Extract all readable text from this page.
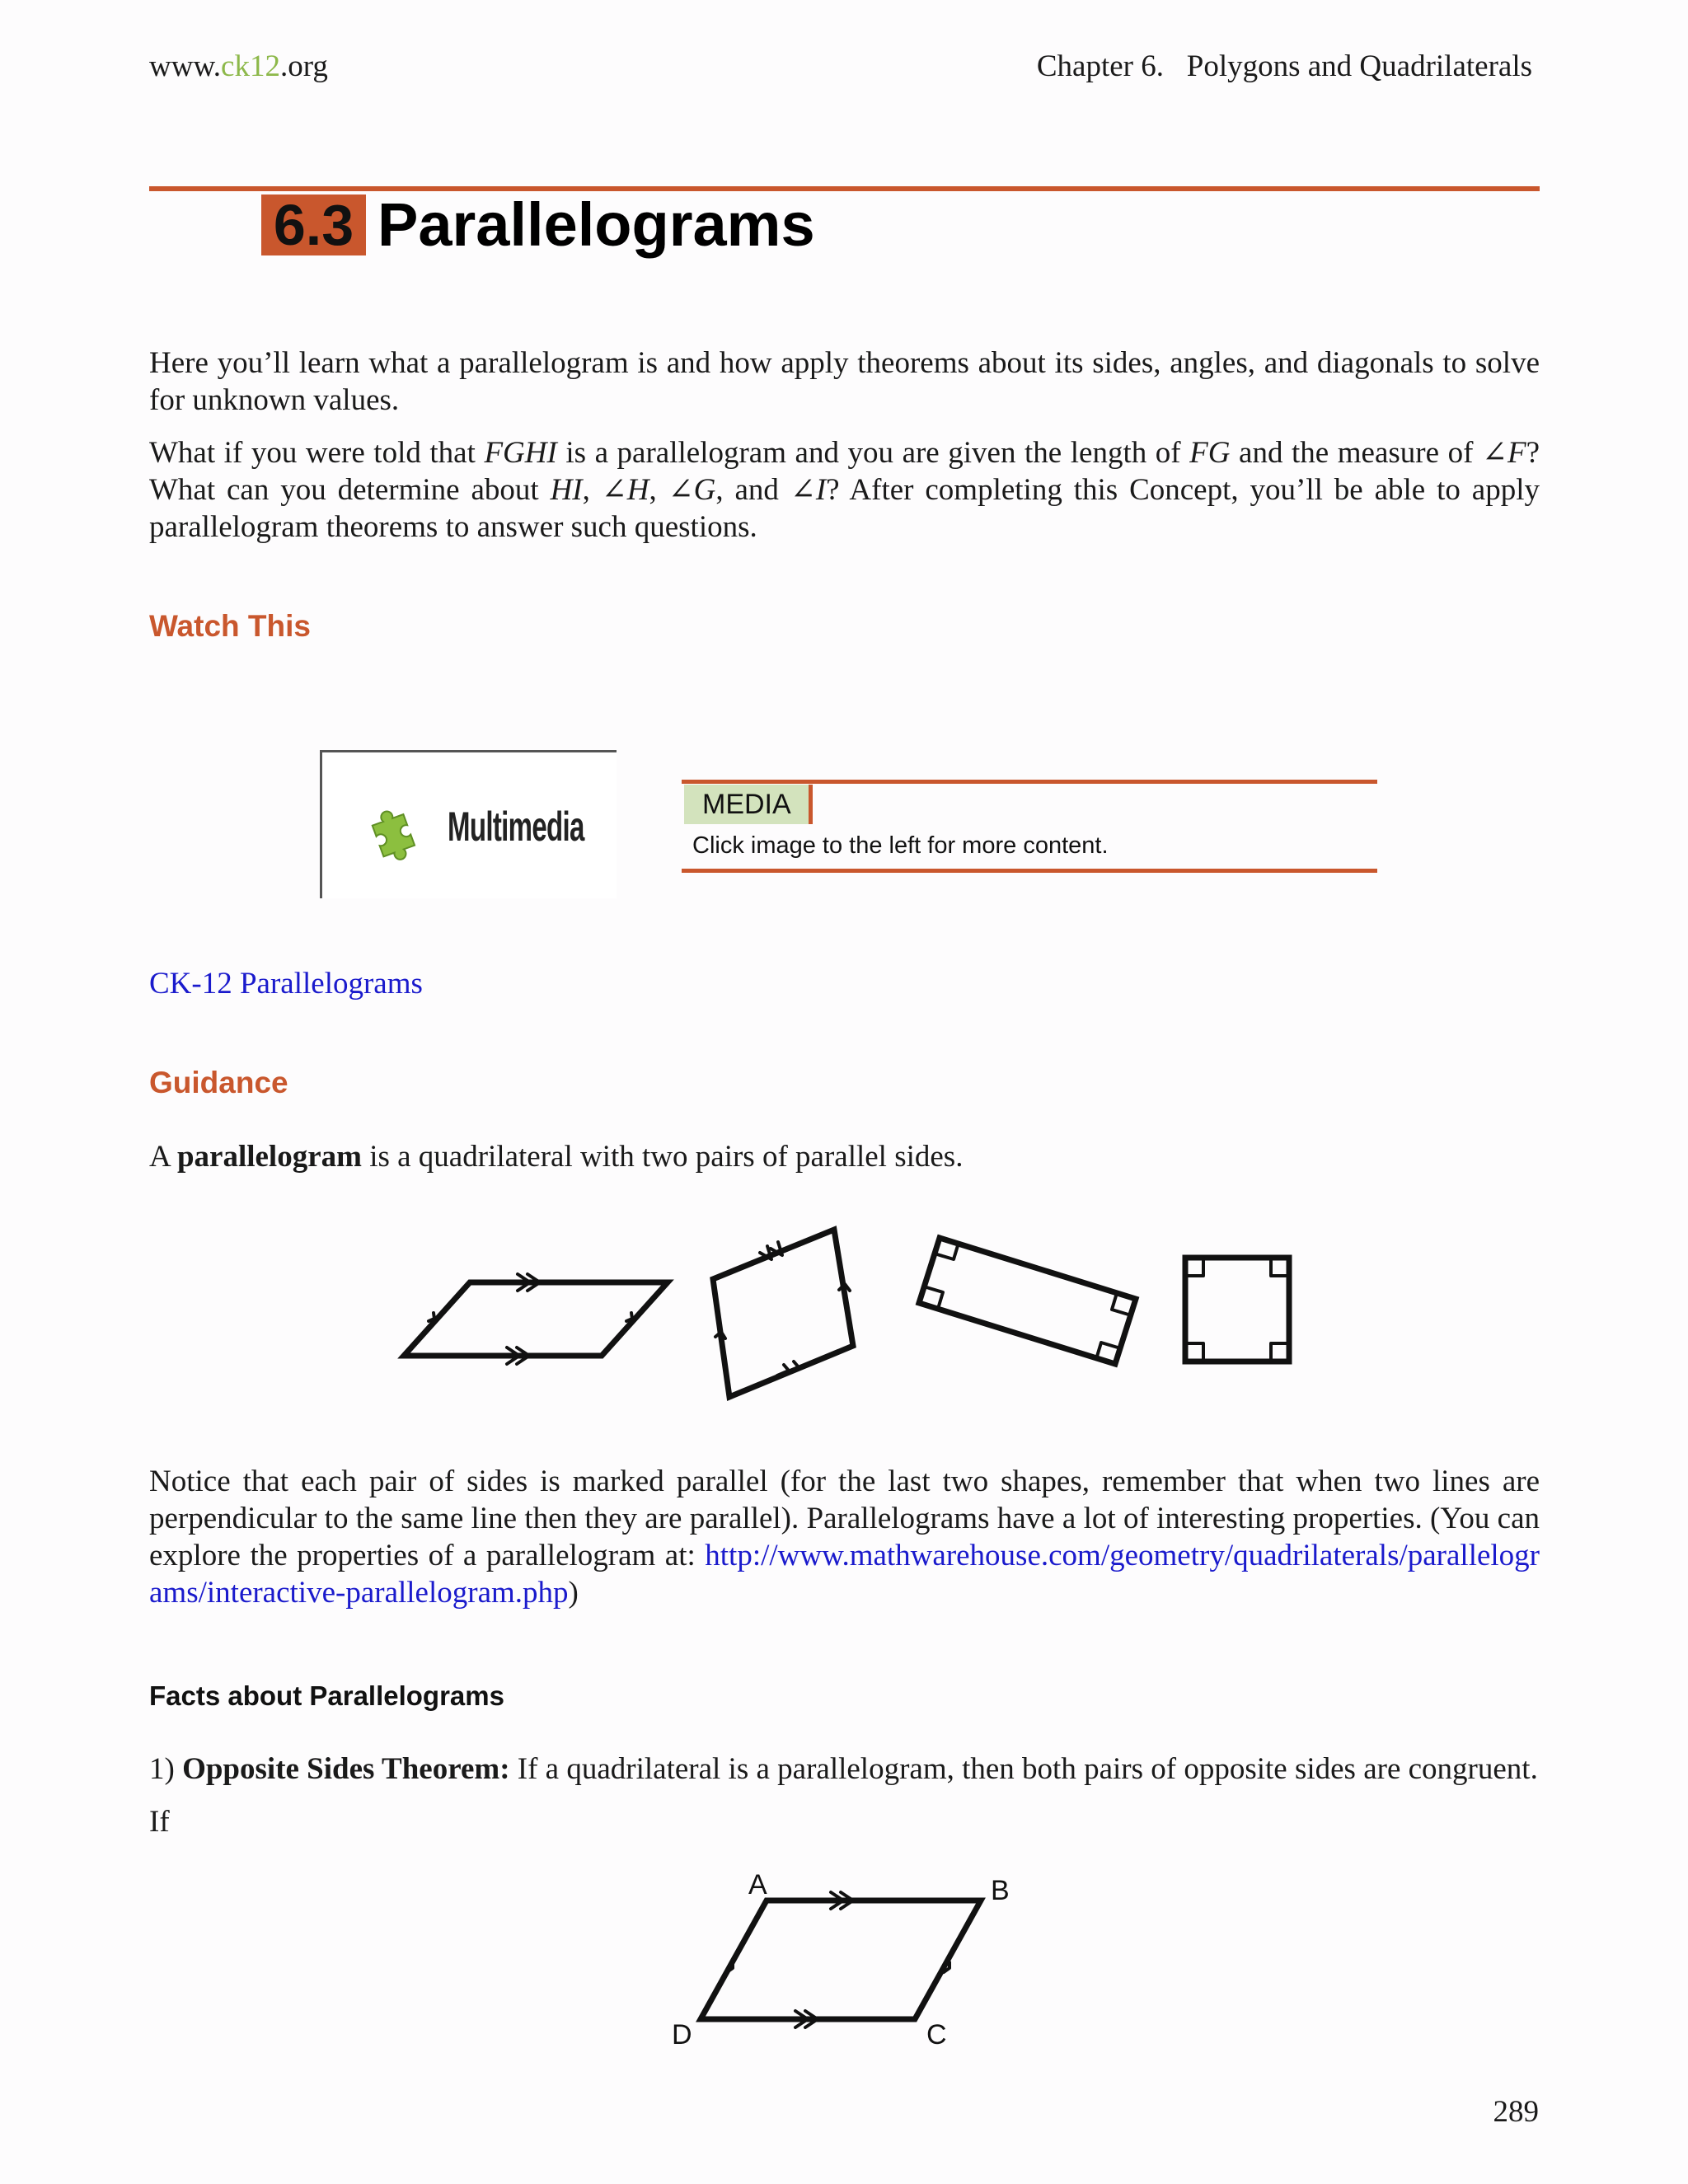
www.ck12.org	Chapter 6.   Polygons and Quadrilaterals
6.3 Parallelograms
Here you’ll learn what a parallelogram is and how apply theorems about its sides, angles, and diagonals to solve for unknown values.
What if you were told that FGHI is a parallelogram and you are given the length of FG and the measure of ∠F? What can you determine about HI, ∠H, ∠G, and ∠I? After completing this Concept, you’ll be able to apply parallelogram theorems to answer such questions.
Watch This
Multimedia	MEDIA
Click image to the left for more content.
CK-12 Parallelograms
Guidance
A parallelogram is a quadrilateral with two pairs of parallel sides.
Notice that each pair of sides is marked parallel (for the last two shapes, remember that when two lines are perpendicular to the same line then they are parallel). Parallelograms have a lot of interesting properties. (You can explore the properties of a parallelogram at: http://www.mathwarehouse.com/geometry/quadrilaterals/parallelograms/interactive-parallelogram.php)
Facts about Parallelograms
1) Opposite Sides Theorem: If a quadrilateral is a parallelogram, then both pairs of opposite sides are congruent.
If
A	B
C
D
289
